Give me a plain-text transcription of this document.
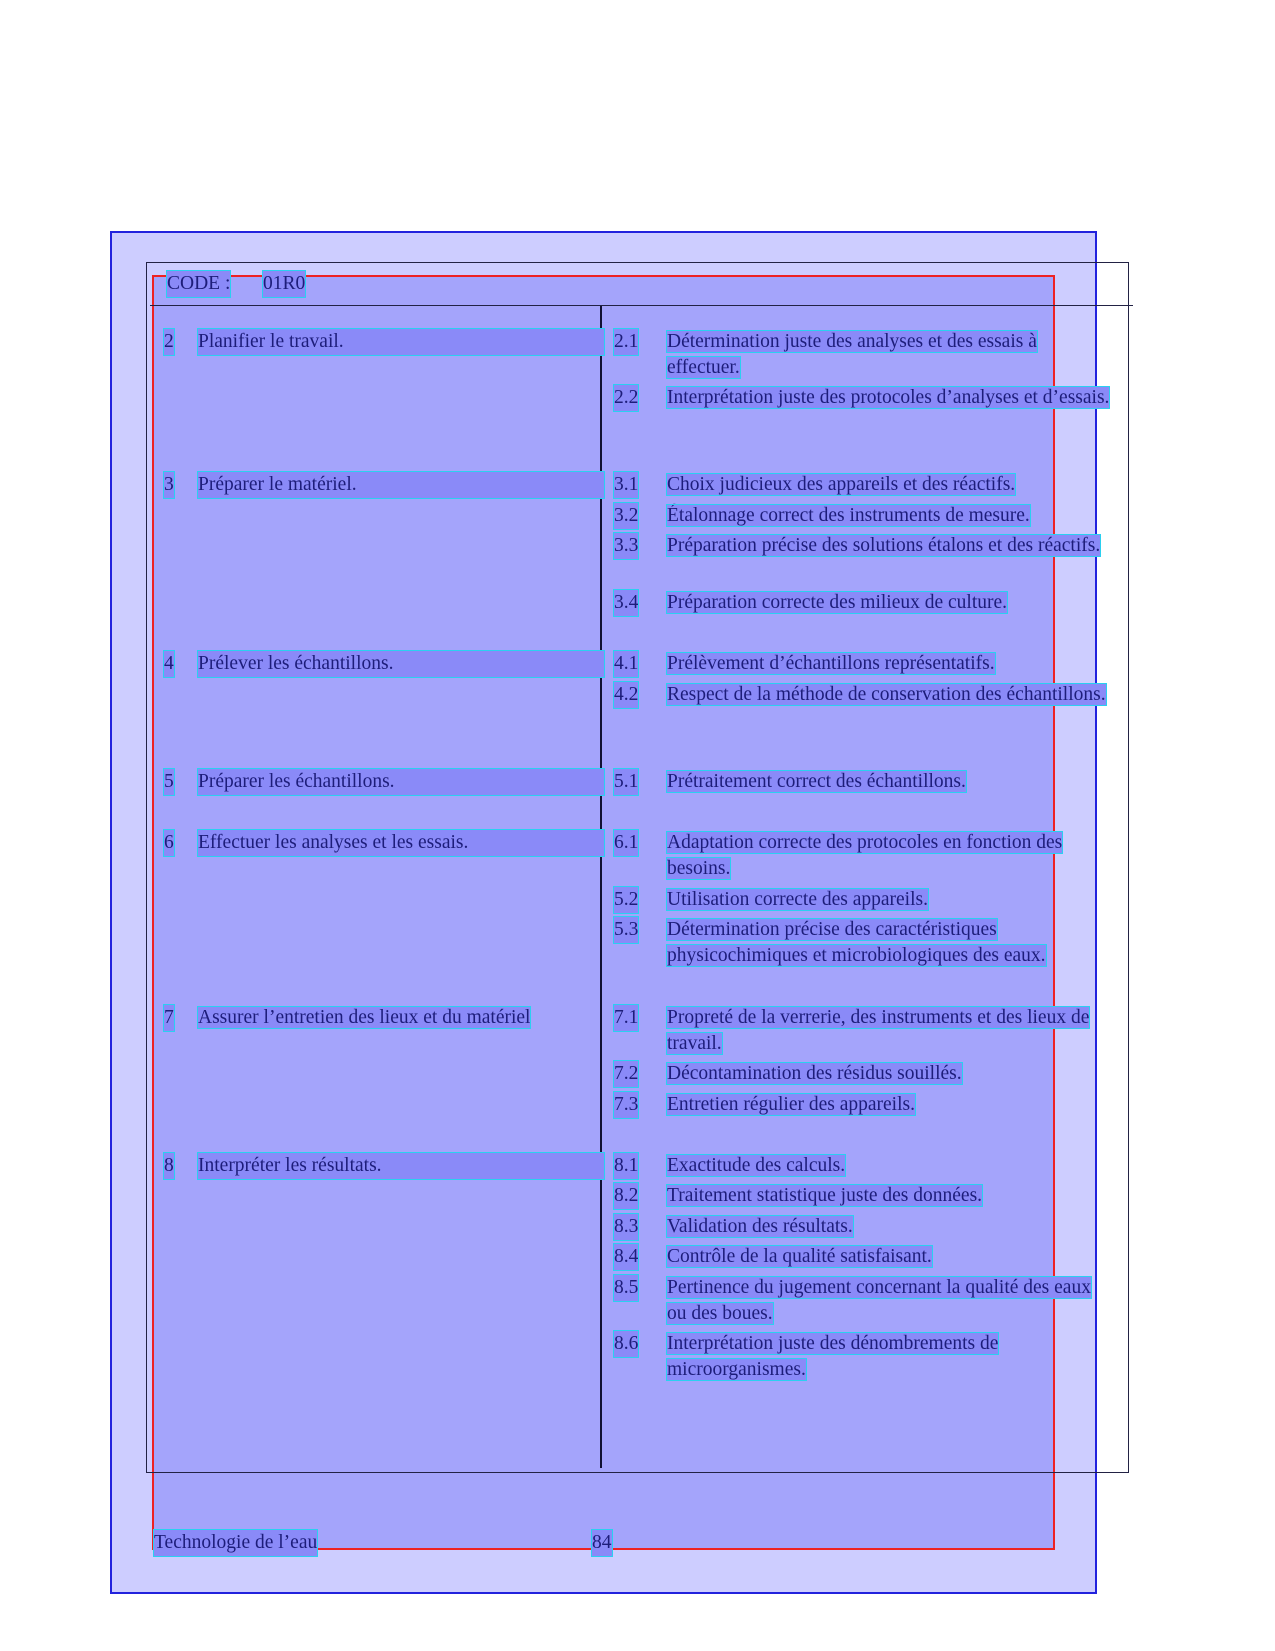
CODE : 01R0
2 Planifier le travail.	2.1 Détermination juste des analyses et des essais à effectuer.
2.2 Interprétation juste des protocoles d’analyses et d’essais.
3 Préparer le matériel.	3.1 Choix judicieux des appareils et des réactifs.
3.2 Étalonnage correct des instruments de mesure.
3.3 Préparation précise des solutions étalons et des réactifs.
3.4 Préparation correcte des milieux de culture.
4 Prélever les échantillons.	4.1 Prélèvement d’échantillons représentatifs.
4.2 Respect de la méthode de conservation des échantillons.
5 Préparer les échantillons.	5.1 Prétraitement correct des échantillons.
6 Effectuer les analyses et les essais.	6.1 Adaptation correcte des protocoles en fonction des besoins.
5.2 Utilisation correcte des appareils.
5.3 Détermination précise des caractéristiques physicochimiques et microbiologiques des eaux.
7 Assurer l’entretien des lieux et du matériel	7.1 Propreté de la verrerie, des instruments et des lieux de travail.
7.2 Décontamination des résidus souillés.
7.3 Entretien régulier des appareils.
8 Interpréter les résultats.	8.1 Exactitude des calculs.
8.2 Traitement statistique juste des données.
8.3 Validation des résultats.
8.4 Contrôle de la qualité satisfaisant.
8.5 Pertinence du jugement concernant la qualité des eaux ou des boues.
8.6 Interprétation juste des dénombrements de microorganismes.
Technologie de l’eau	84
